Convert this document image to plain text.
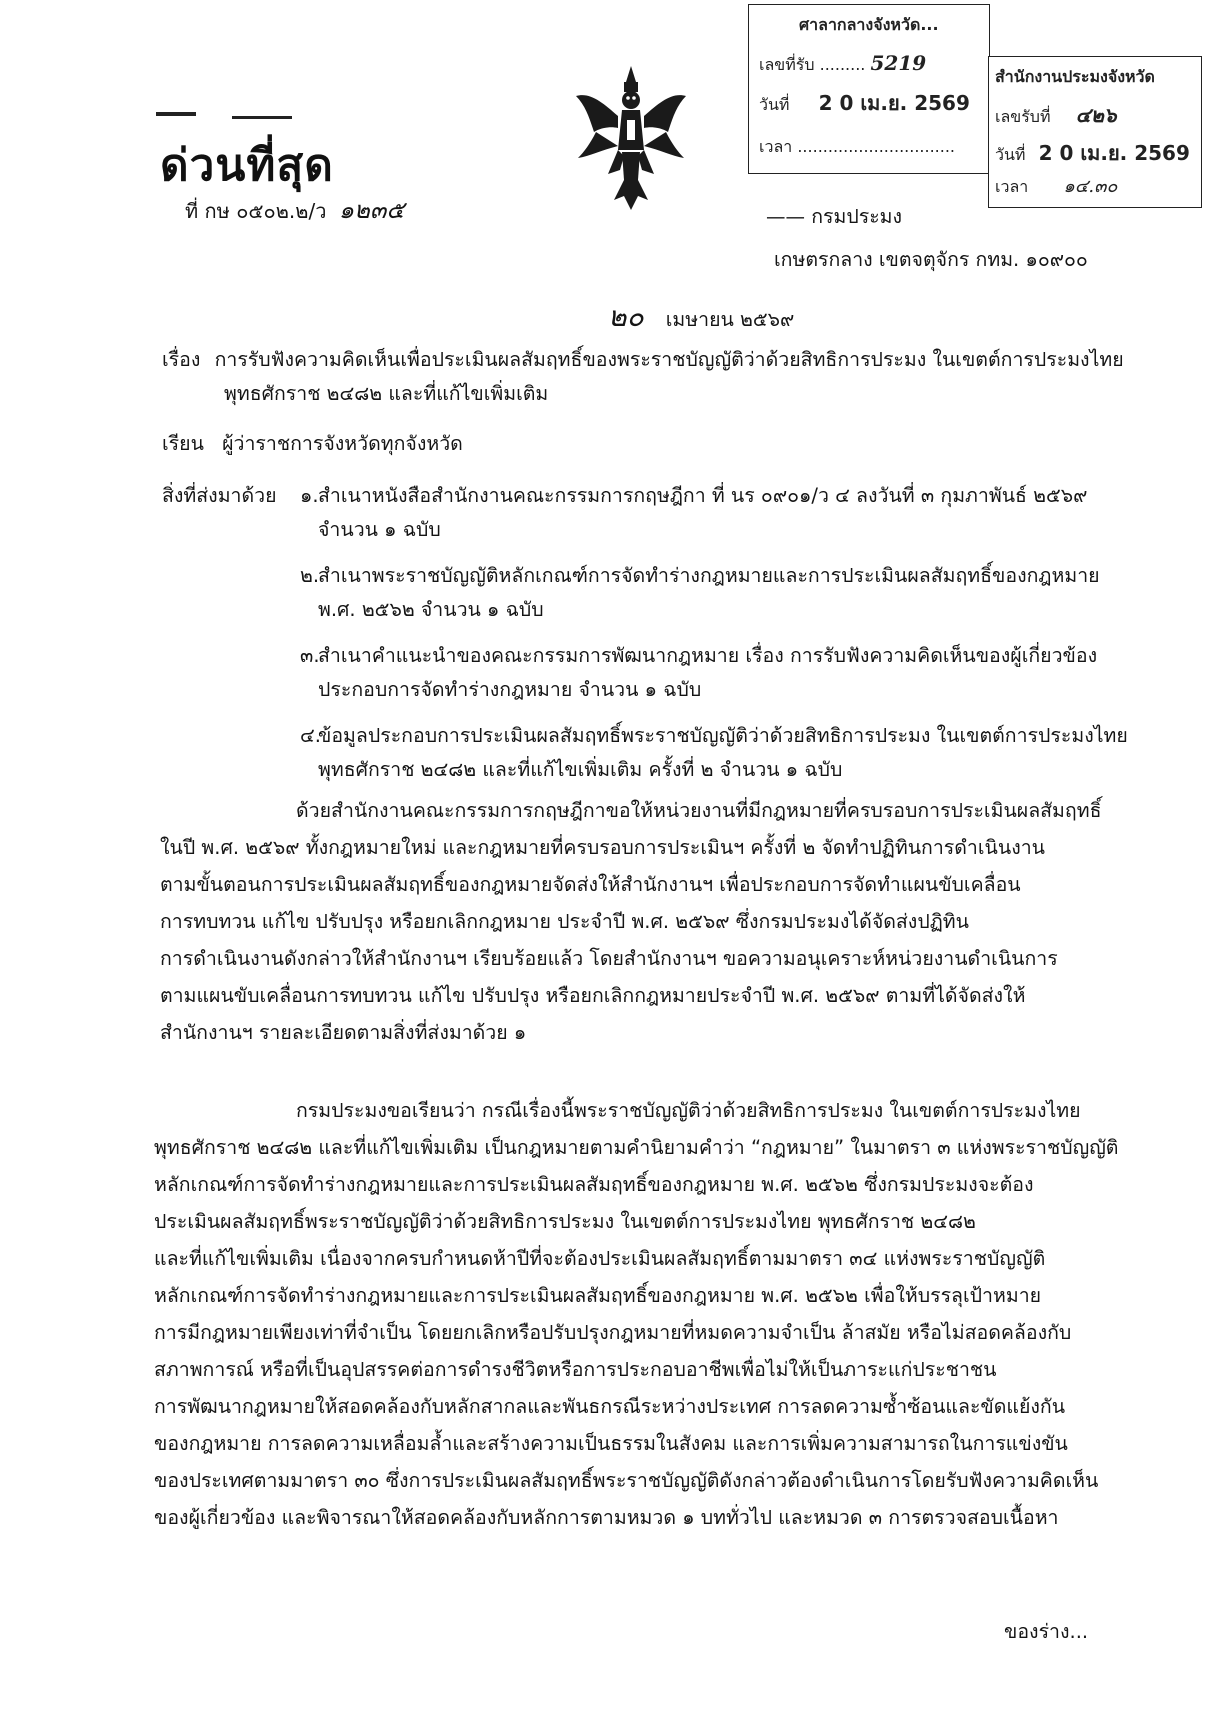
ด่วนที่สุด
ที่ กษ ๐๕๐๒.๒/ว ๑๒๓๕
ศาลากลางจังหวัด...
เลขที่รับ ......... 5219
วันที่ 2 0 เม.ย. 2569
เวลา ...............................
สำนักงานประมงจังหวัด
เลขรับที่ ๔๒๖
วันที่ 2 0 เม.ย. 2569
เวลา ๑๔.๓๐
—— กรมประมง
เกษตรกลาง เขตจตุจักร กทม. ๑๐๙๐๐
๒๐ เมษายน ๒๕๖๙
เรื่อง การรับฟังความคิดเห็นเพื่อประเมินผลสัมฤทธิ์ของพระราชบัญญัติว่าด้วยสิทธิการประมง ในเขตต์การประมงไทย
พุทธศักราช ๒๔๘๒ และที่แก้ไขเพิ่มเติม
เรียน ผู้ว่าราชการจังหวัดทุกจังหวัด
สิ่งที่ส่งมาด้วย ๑. สำเนาหนังสือสำนักงานคณะกรรมการกฤษฎีกา ที่ นร ๐๙๐๑/ว ๔ ลงวันที่ ๓ กุมภาพันธ์ ๒๕๖๙
จำนวน ๑ ฉบับ
๒.
สำเนาพระราชบัญญัติหลักเกณฑ์การจัดทำร่างกฎหมายและการประเมินผลสัมฤทธิ์ของกฎหมาย
พ.ศ. ๒๕๖๒ จำนวน ๑ ฉบับ
๓.
สำเนาคำแนะนำของคณะกรรมการพัฒนากฎหมาย เรื่อง การรับฟังความคิดเห็นของผู้เกี่ยวข้อง
ประกอบการจัดทำร่างกฎหมาย จำนวน ๑ ฉบับ
๔.
ข้อมูลประกอบการประเมินผลสัมฤทธิ์พระราชบัญญัติว่าด้วยสิทธิการประมง ในเขตต์การประมงไทย
พุทธศักราช ๒๔๘๒ และที่แก้ไขเพิ่มเติม ครั้งที่ ๒ จำนวน ๑ ฉบับ
ด้วยสำนักงานคณะกรรมการกฤษฎีกาขอให้หน่วยงานที่มีกฎหมายที่ครบรอบการประเมินผลสัมฤทธิ์
ในปี พ.ศ. ๒๕๖๙ ทั้งกฎหมายใหม่ และกฎหมายที่ครบรอบการประเมินฯ ครั้งที่ ๒ จัดทำปฏิทินการดำเนินงาน
ตามขั้นตอนการประเมินผลสัมฤทธิ์ของกฎหมายจัดส่งให้สำนักงานฯ เพื่อประกอบการจัดทำแผนขับเคลื่อน
การทบทวน แก้ไข ปรับปรุง หรือยกเลิกกฎหมาย ประจำปี พ.ศ. ๒๕๖๙ ซึ่งกรมประมงได้จัดส่งปฏิทิน
การดำเนินงานดังกล่าวให้สำนักงานฯ เรียบร้อยแล้ว โดยสำนักงานฯ ขอความอนุเคราะห์หน่วยงานดำเนินการ
ตามแผนขับเคลื่อนการทบทวน แก้ไข ปรับปรุง หรือยกเลิกกฎหมายประจำปี พ.ศ. ๒๕๖๙ ตามที่ได้จัดส่งให้
สำนักงานฯ รายละเอียดตามสิ่งที่ส่งมาด้วย ๑
กรมประมงขอเรียนว่า กรณีเรื่องนี้พระราชบัญญัติว่าด้วยสิทธิการประมง ในเขตต์การประมงไทย
พุทธศักราช ๒๔๘๒ และที่แก้ไขเพิ่มเติม เป็นกฎหมายตามคำนิยามคำว่า “กฎหมาย” ในมาตรา ๓ แห่งพระราชบัญญัติ
หลักเกณฑ์การจัดทำร่างกฎหมายและการประเมินผลสัมฤทธิ์ของกฎหมาย พ.ศ. ๒๕๖๒ ซึ่งกรมประมงจะต้อง
ประเมินผลสัมฤทธิ์พระราชบัญญัติว่าด้วยสิทธิการประมง ในเขตต์การประมงไทย พุทธศักราช ๒๔๘๒
และที่แก้ไขเพิ่มเติม เนื่องจากครบกำหนดห้าปีที่จะต้องประเมินผลสัมฤทธิ์ตามมาตรา ๓๔ แห่งพระราชบัญญัติ
หลักเกณฑ์การจัดทำร่างกฎหมายและการประเมินผลสัมฤทธิ์ของกฎหมาย พ.ศ. ๒๕๖๒ เพื่อให้บรรลุเป้าหมาย
การมีกฎหมายเพียงเท่าที่จำเป็น โดยยกเลิกหรือปรับปรุงกฎหมายที่หมดความจำเป็น ล้าสมัย หรือไม่สอดคล้องกับ
สภาพการณ์ หรือที่เป็นอุปสรรคต่อการดำรงชีวิตหรือการประกอบอาชีพเพื่อไม่ให้เป็นภาระแก่ประชาชน
การพัฒนากฎหมายให้สอดคล้องกับหลักสากลและพันธกรณีระหว่างประเทศ การลดความซ้ำซ้อนและขัดแย้งกัน
ของกฎหมาย การลดความเหลื่อมล้ำและสร้างความเป็นธรรมในสังคม และการเพิ่มความสามารถในการแข่งขัน
ของประเทศตามมาตรา ๓๐ ซึ่งการประเมินผลสัมฤทธิ์พระราชบัญญัติดังกล่าวต้องดำเนินการโดยรับฟังความคิดเห็น
ของผู้เกี่ยวข้อง และพิจารณาให้สอดคล้องกับหลักการตามหมวด ๑ บททั่วไป และหมวด ๓ การตรวจสอบเนื้อหา
ของร่าง...
